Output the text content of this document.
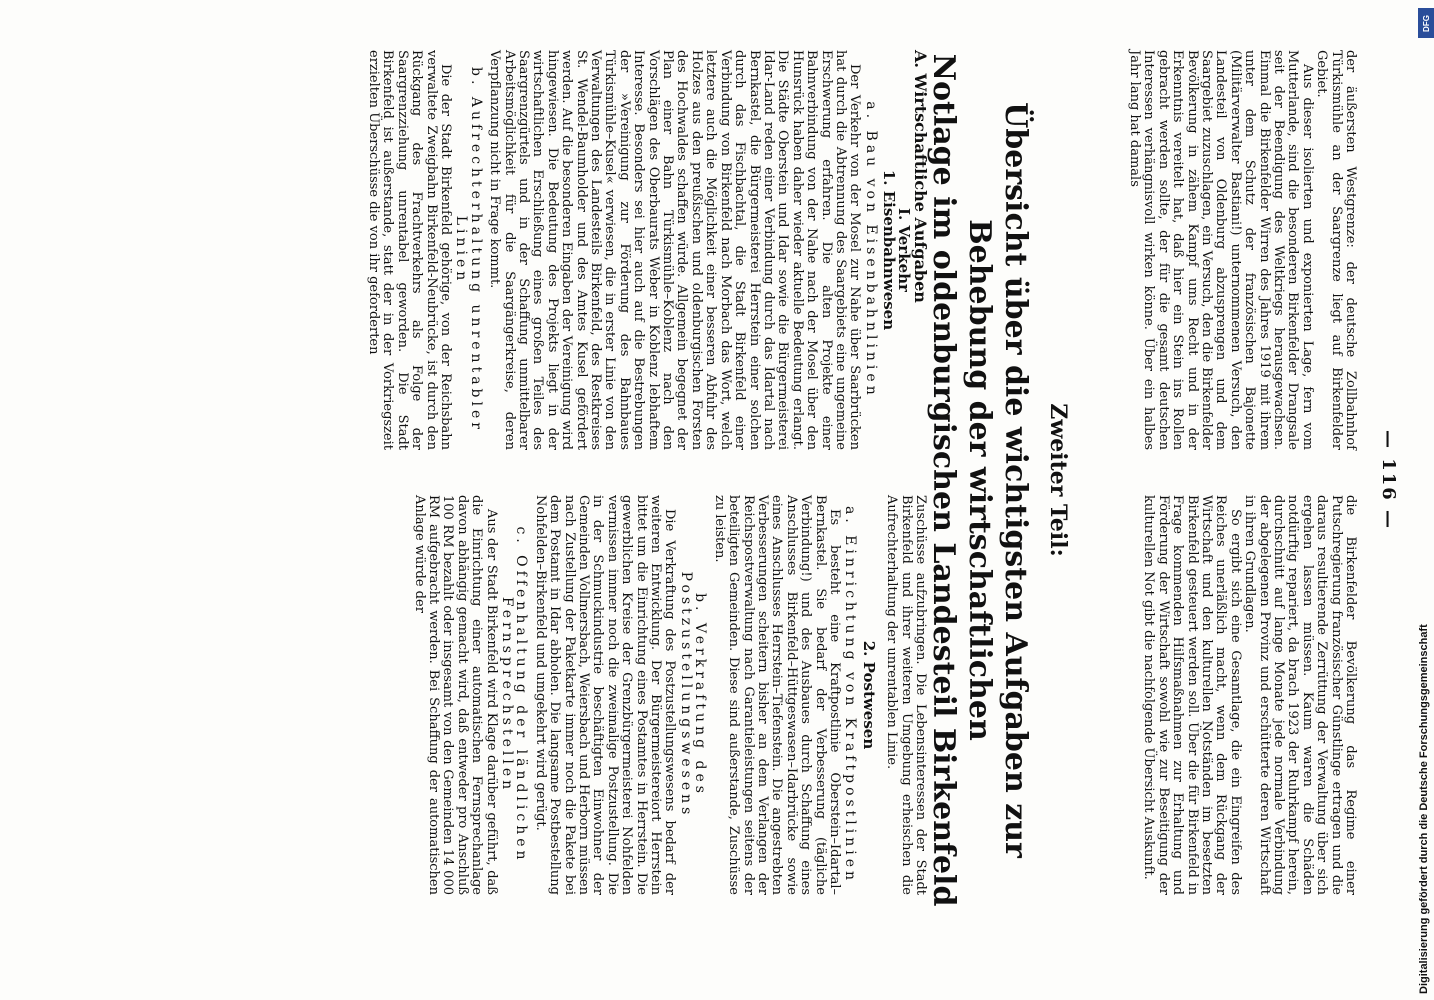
— 116 —

der äußersten Westgrenze: der deutsche Zollbahnhof Türkismühle an der Saargrenze liegt auf Birkenfelder Gebiet.

Aus dieser isolierten und exponierten Lage, fern vom Mutterlande, sind die besonderen Birkenfelder Drangsale seit der Beendigung des Weltkriegs herausgewachsen. Einmal die Birkenfelder Wirren des Jahres 1919 mit ihrem unter dem Schutz der französischen Bajonette (Militärverwalter Bastiani!) unternommenen Versuch, den Landesteil von Oldenburg abzusprengen und dem Saargebiet zuzuschlagen, ein Versuch, den die Birkenfelder Bevölkerung in zähem Kampf ums Recht und in der Erkenntnis vereitelt hat, daß hier ein Stein ins Rollen gebracht werden sollte, der für die gesamt deutschen Interessen verhängnisvoll wirken könne. Über ein halbes Jahr lang hat damals

die Birkenfelder Bevölkerung das Regime einer Putschregierung französischer Günstlinge ertragen und die daraus resultierende Zerrüttung der Verwaltung über sich ergehen lassen müssen. Kaum waren die Schäden notdürftig repariert, da brach 1923 der Ruhrkampf herein, durchschnitt auf lange Monate jede normale Verbindung der abgelegenen Provinz und erschütterte deren Wirtschaft in ihren Grundlagen.

So ergibt sich eine Gesamtlage, die ein Eingreifen des Reiches unerläßlich macht, wenn dem Rückgang der Wirtschaft und den kulturellen Notständen im besetzten Birkenfeld gesteuert werden soll. Über die für Birkenfeld in Frage kommenden Hilfsmaßnahmen zur Erhaltung und Förderung der Wirtschaft sowohl wie zur Beseitigung der kulturellen Not gibt die nachfolgende Übersicht Auskunft.

Zweiter Teil:
Übersicht über die wichtigsten Aufgaben zur Behebung der wirtschaftlichen
Notlage im oldenburgischen Landesteil Birkenfeld
A. Wirtschaftliche Aufgaben
I. Verkehr
1. Eisenbahnwesen
a. Bau von Eisenbahnlinien

Der Verkehr von der Mosel zur Nahe über Saarbrücken hat durch die Abtrennung des Saargebiets eine ungemeine Erschwerung erfahren. Die alten Projekte einer Bahnverbindung von der Nahe nach der Mosel über den Hunsrück haben daher wieder aktuelle Bedeutung erlangt. Die Städte Oberstein und Idar sowie die Bürgermeisterei Idar-Land reden einer Verbindung durch das Idartal nach Bernkastel, die Bürgermeisterei Herrstein einer solchen durch das Fischbachtal, die Stadt Birkenfeld einer Verbindung von Birkenfeld nach Morbach das Wort, welch letztere auch die Möglichkeit einer besseren Abfuhr des Holzes aus den preußischen und oldenburgischen Forsten des Hochwaldes schaffen würde. Allgemein begegnet der Plan einer Bahn Türkismühle–Koblenz nach den Vorschlägen des Oberbaurats Weber in Koblenz lebhaftem Interesse. Besonders sei hier auch auf die Bestrebungen der »Vereinigung zur Förderung des Bahnbaues Türkismühle–Kusel« verwiesen, die in erster Linie von den Verwaltungen des Landesteils Birkenfeld, des Restkreises St. Wendel-Baumholder und des Amtes Kusel gefördert werden. Auf die besonderen Eingaben der Vereinigung wird hingewiesen. Die Bedeutung des Projekts liegt in der wirtschaftlichen Erschließung eines großen Teiles des Saargrenzgürtels und in der Schaffung unmittelbarer Arbeitsmöglichkeit für die Saargängerkreise, deren Verpflanzung nicht in Frage kommt.

b. Aufrechterhaltung unrentabler Linien

Die der Stadt Birkenfeld gehörige, von der Reichsbahn verwaltete Zweigbahn Birkenfeld-Neubrücke, ist durch den Rückgang des Frachtverkehrs als Folge der Saargrenzziehung unrentabel geworden. Die Stadt Birkenfeld ist außerstande, statt der in der Vorkriegszeit erzielten Überschüsse die von ihr geforderten

Zuschüsse aufzubringen. Die Lebensinteressen der Stadt Birkenfeld und ihrer weiteren Umgebung erheischen die Aufrechterhaltung der unrentablen Linie.

2. Postwesen
a. Einrichtung von Kraftpostlinien

Es besteht eine Kraftpostlinie Oberstein–Idartal–Bernkastel. Sie bedarf der Verbesserung (tägliche Verbindung!) und des Ausbaues durch Schaffung eines Anschlusses Birkenfeld–Hüttgeswasen–Idarbrücke sowie eines Anschlusses Herrstein–Tiefenstein. Die angestrebten Verbesserungen scheitern bisher an dem Verlangen der Reichspostverwaltung nach Garantieleistungen seitens der beteiligten Gemeinden. Diese sind außerstande, Zuschüsse zu leisten.

b. Verkraftung des Postzustellungswesens

Die Verkraftung des Postzustellungswesens bedarf der weiteren Entwicklung. Der Bürgermeistereiort Herrstein bittet um die Einrichtung eines Postamtes in Herrstein. Die gewerblichen Kreise der Grenzbürgermeisterei Nohfelden vermissen immer noch die zweimalige Postzustellung. Die in der Schmuckindustrie beschäftigten Einwohner der Gemeinden Vollmersbach, Weiersbach und Herborn müssen nach Zustellung der Paketkarte immer noch die Pakete bei dem Postamt in Idar abholen. Die langsame Postbestellung Nohfelden–Birkenfeld und umgekehrt wird gerügt.

c. Offenhaltung der ländlichen Fernsprechstellen

Aus der Stadt Birkenfeld wird Klage darüber geführt, daß die Einrichtung einer automatischen Fernsprechanlage davon abhängig gemacht wird, daß entweder pro Anschluß 100 RM bezahlt oder insgesamt von den Gemeinden 14 000 RM aufgebracht werden. Bei Schaffung der automatischen Anlage würde der

DFG
Digitalisierung gefördert durch die Deutsche Forschungsgemeinschaft
